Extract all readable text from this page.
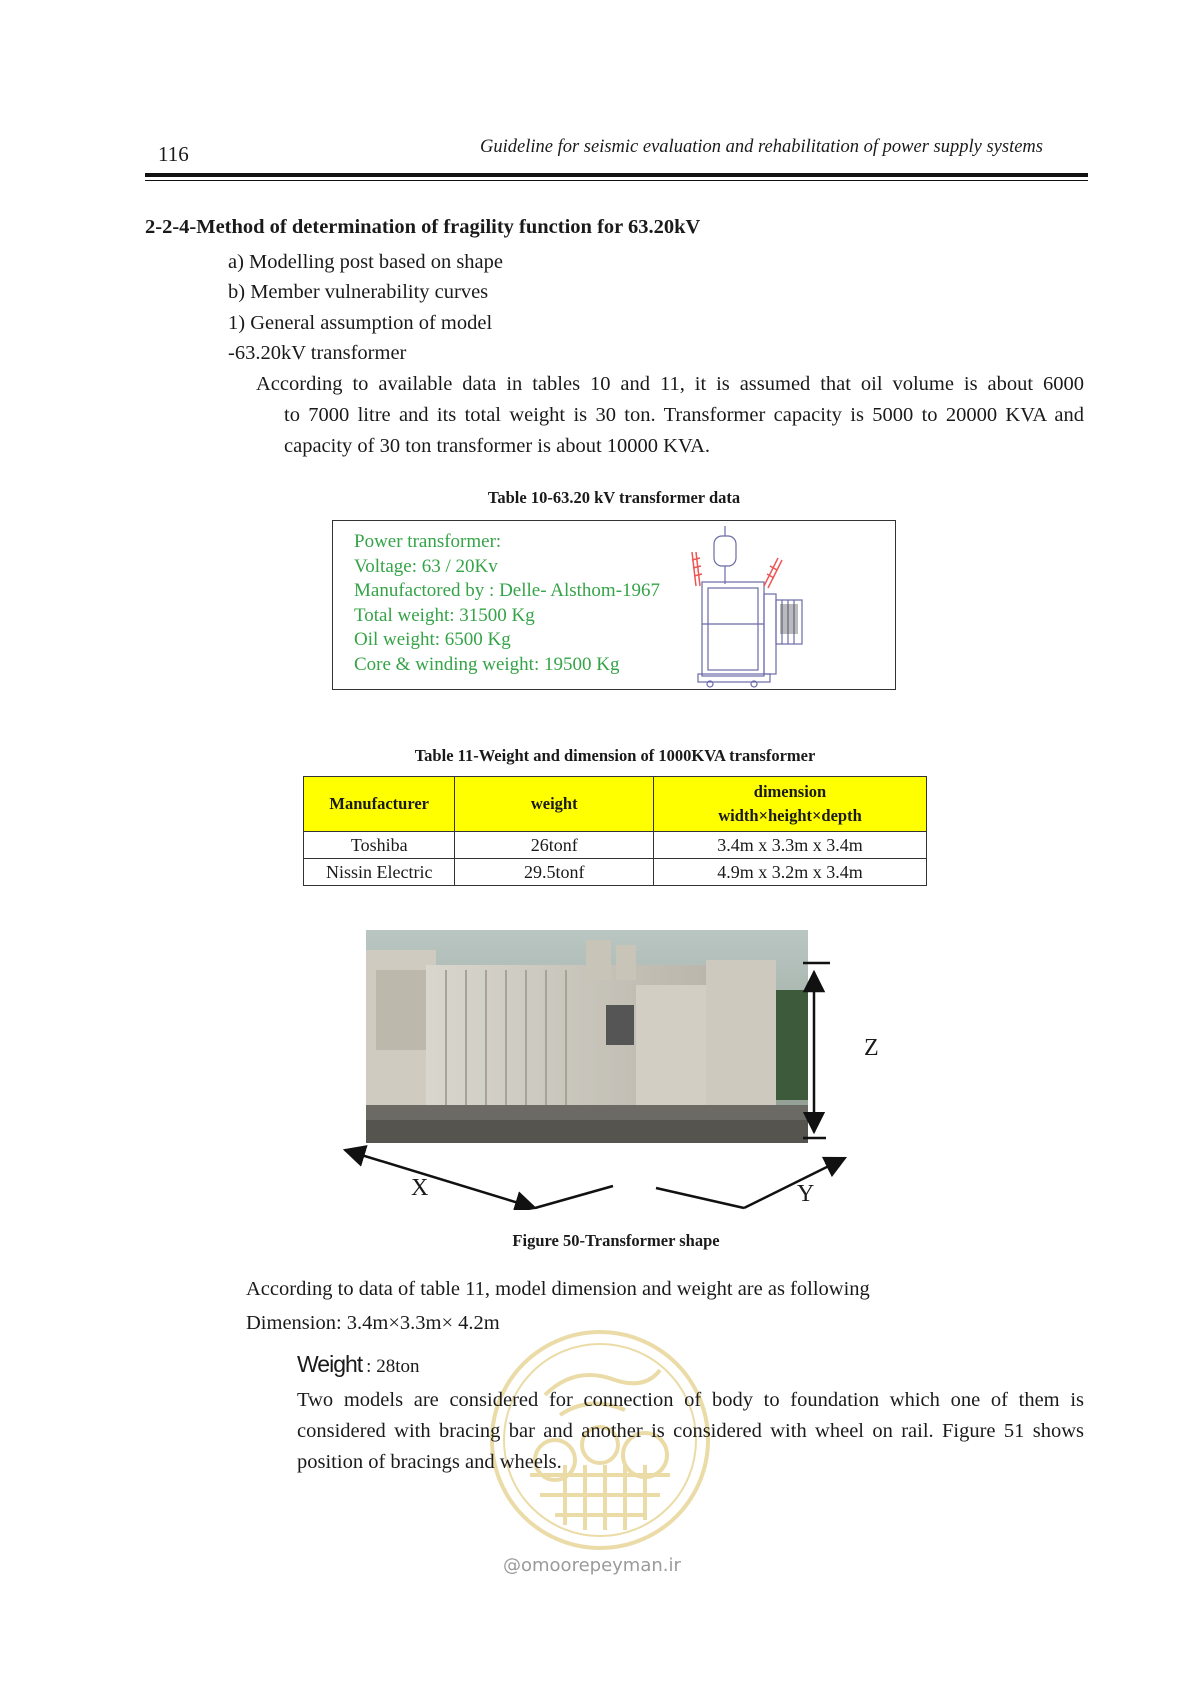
116	Guideline for seismic evaluation and rehabilitation of power supply systems
2-2-4-Method of determination of fragility function for 63.20kV
a) Modelling post based on shape
b) Member vulnerability curves
1) General assumption of model
-63.20kV transformer
According to available data in tables 10 and 11, it is assumed that oil volume is about 6000
to 7000 litre and its total weight is 30 ton. Transformer capacity is 5000 to 20000 KVA and capacity of 30 ton transformer is about 10000 KVA.
Table 10-63.20 kV transformer data
Power transformer:
Voltage: 63 / 20Kv
Manufactored by : Delle- Alsthom-1967
Total weight: 31500 Kg
Oil weight: 6500 Kg
Core & winding weight: 19500 Kg
Table 11-Weight and dimension of 1000KVA transformer
Manufacturer	weight	dimension
width×height×depth

Toshiba	26tonf	3.4m x 3.3m x 3.4m
Nissin Electric	29.5tonf	4.9m x 3.2m x 3.4m
X	Y
Z
Figure 50-Transformer shape
According to data of table 11, model dimension and weight are as following
Dimension: 3.4m×3.3m× 4.2m
Weight : 28ton
@omoorepeyman.ir
Two models are considered for connection of body to foundation which one of them is considered with bracing bar and another is considered with wheel on rail. Figure 51 shows position of bracings and wheels.
